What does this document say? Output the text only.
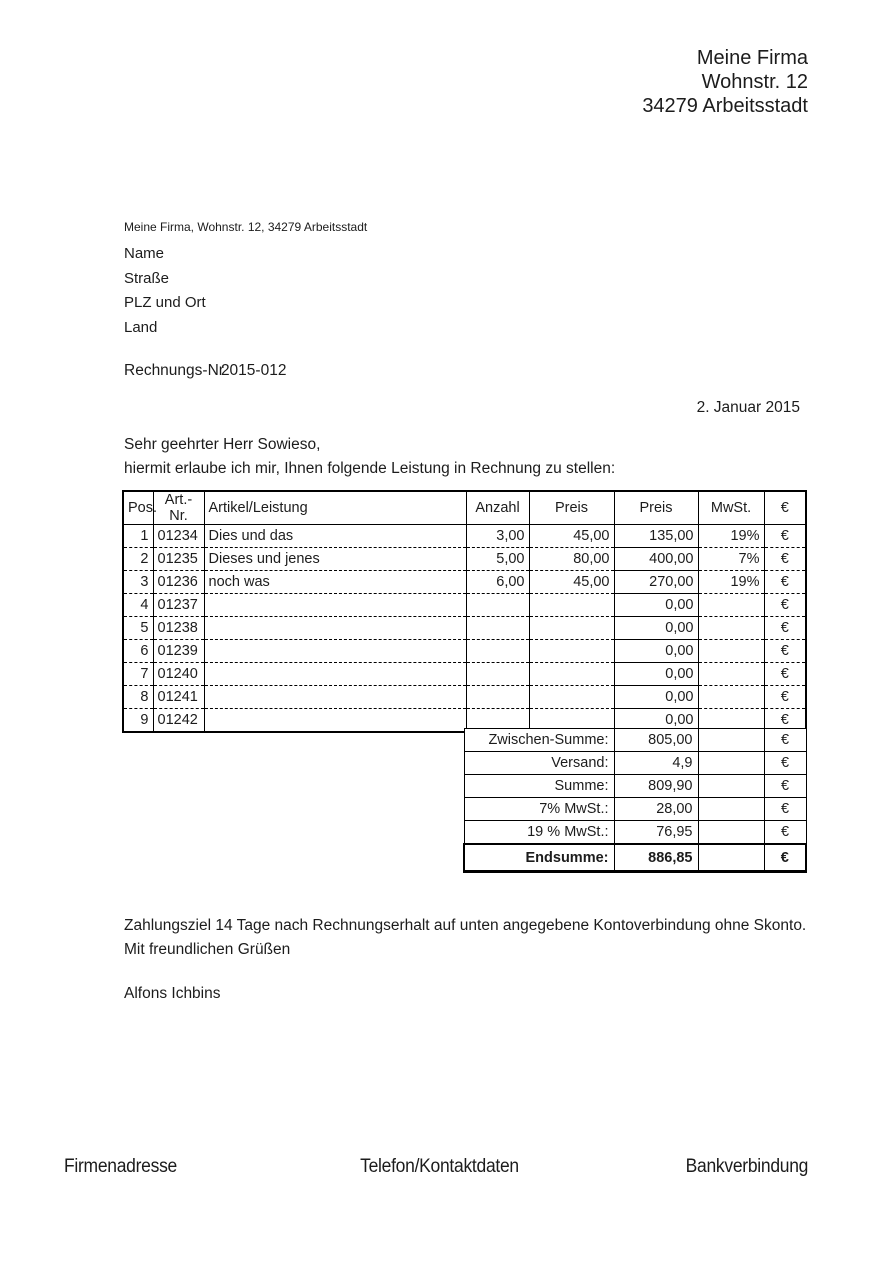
Meine Firma
Wohnstr. 12
34279 Arbeitsstadt
Meine Firma, Wohnstr. 12, 34279 Arbeitsstadt
Name
Straße
PLZ und Ort
Land
Rechnungs-Nr2015-012
2. Januar 2015
Sehr geehrter Herr Sowieso,
hiermit erlaube ich mir, Ihnen folgende Leistung in Rechnung zu stellen:
Pos.	Art.-Nr.	Artikel/Leistung	Anzahl	Preis	Preis	MwSt.	€
1	01234	Dies und das	3,00	45,00	135,00	19%	€
2	01235	Dieses und jenes	5,00	80,00	400,00	7%	€
3	01236	noch was	6,00	45,00	270,00	19%	€
4	01237				0,00		€
5	01238				0,00		€
6	01239				0,00		€
7	01240				0,00		€
8	01241				0,00		€
9	01242				0,00		€
Zwischen-Summe:	805,00		€
Versand:	4,9		€
Summe:	809,90		€
7% MwSt.:	28,00		€
19 % MwSt.:	76,95		€
Endsumme:	886,85		€
Zahlungsziel 14 Tage nach Rechnungserhalt auf unten angegebene Kontoverbindung ohne Skonto.
Mit freundlichen Grüßen
Alfons Ichbins
Firmenadresse	Telefon/Kontaktdaten	Bankverbindung
